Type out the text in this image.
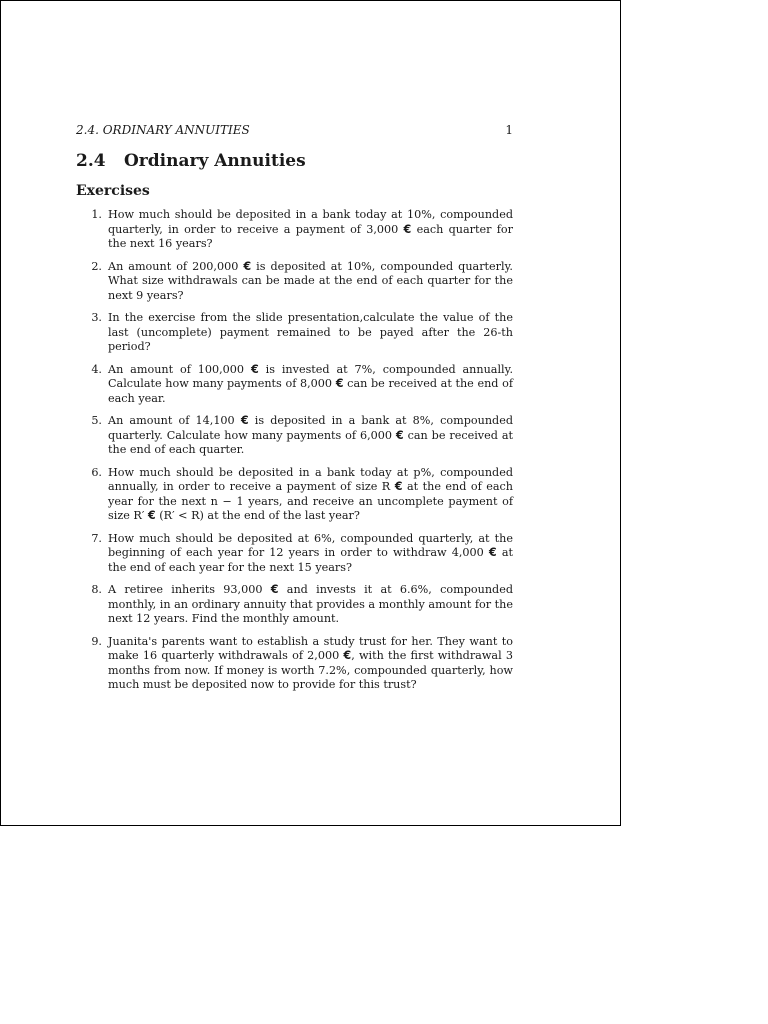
2.4. ORDINARY ANNUITIES	1
2.4 Ordinary Annuities
Exercises
1. How much should be deposited in a bank today at 10%, compounded quarterly, in order to receive a payment of 3,000 € each quarter for the next 16 years?
2. An amount of 200,000 € is deposited at 10%, compounded quarterly. What size withdrawals can be made at the end of each quarter for the next 9 years?
3. In the exercise from the slide presentation,calculate the value of the last (uncomplete) payment remained to be payed after the 26-th period?
4. An amount of 100,000 € is invested at 7%, compounded annually. Calculate how many payments of 8,000 € can be received at the end of each year.
5. An amount of 14,100 € is deposited in a bank at 8%, compounded quarterly. Calculate how many payments of 6,000 € can be received at the end of each quarter.
6. How much should be deposited in a bank today at p%, compounded annually, in order to receive a payment of size R € at the end of each year for the next n − 1 years, and receive an uncomplete payment of size R′ € (R′ < R) at the end of the last year?
7. How much should be deposited at 6%, compounded quarterly, at the beginning of each year for 12 years in order to withdraw 4,000 € at the end of each year for the next 15 years?
8. A retiree inherits 93,000 € and invests it at 6.6%, compounded monthly, in an ordinary annuity that provides a monthly amount for the next 12 years. Find the monthly amount.
9. Juanita's parents want to establish a study trust for her. They want to make 16 quarterly withdrawals of 2,000 €, with the first withdrawal 3 months from now. If money is worth 7.2%, compounded quarterly, how much must be deposited now to provide for this trust?
